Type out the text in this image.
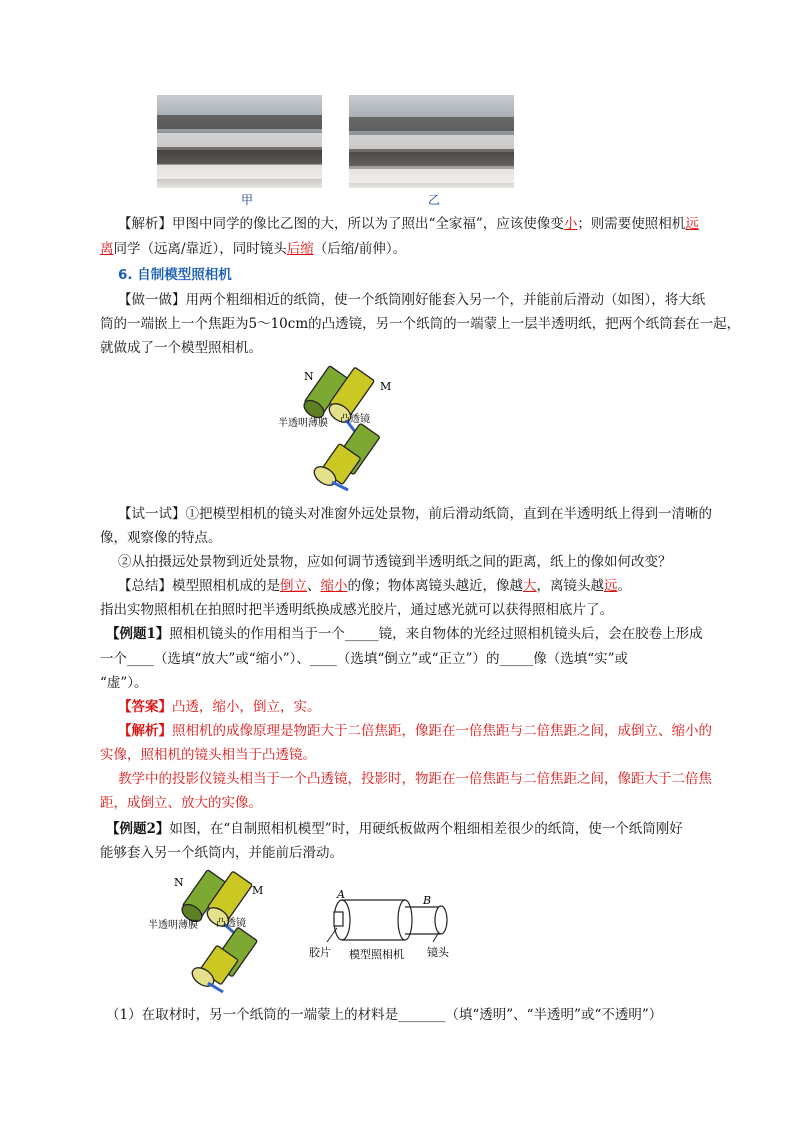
甲	乙
【解析】甲图中同学的像比乙图的大，所以为了照出“全家福”，应该使像变小；则需要使照相机远
离同学（远离/靠近），同时镜头后缩（后缩/前伸）。
6. 自制模型照相机
【做一做】用两个粗细相近的纸筒，使一个纸筒刚好能套入另一个，并能前后滑动（如图），将大纸
筒的一端嵌上一个焦距为5～10cm的凸透镜，另一个纸筒的一端蒙上一层半透明纸，把两个纸筒套在一起，
就做成了一个模型照相机。
N
M
半透明薄膜 凸透镜
【试一试】①把模型相机的镜头对准窗外远处景物，前后滑动纸筒，直到在半透明纸上得到一清晰的
像，观察像的特点。
②从拍摄远处景物到近处景物，应如何调节透镜到半透明纸之间的距离，纸上的像如何改变？
【总结】模型照相机成的是倒立、缩小的像；物体离镜头越近，像越大，离镜头越远。
指出实物照相机在拍照时把半透明纸换成感光胶片，通过感光就可以获得照相底片了。
【例题1】照相机镜头的作用相当于一个_____镜，来自物体的光经过照相机镜头后，会在胶卷上形成
一个____（选填“放大”或“缩小”）、____（选填“倒立”或“正立”）的_____像（选填“实”或
“虚”）。
【答案】凸透，缩小，倒立，实。
【解析】照相机的成像原理是物距大于二倍焦距，像距在一倍焦距与二倍焦距之间，成倒立、缩小的
实像，照相机的镜头相当于凸透镜。
教学中的投影仪镜头相当于一个凸透镜，投影时，物距在一倍焦距与二倍焦距之间，像距大于二倍焦
距，成倒立、放大的实像。
【例题2】如图，在“自制照相机模型”时，用硬纸板做两个粗细相差很少的纸筒，使一个纸筒刚好
能够套入另一个纸筒内，并能前后滑动。
N
M
半透明薄膜 凸透镜
A	B
胶片 模型照相机 镜头
（1）在取材时，另一个纸筒的一端蒙上的材料是_______（填“透明”、“半透明”或“不透明”）
